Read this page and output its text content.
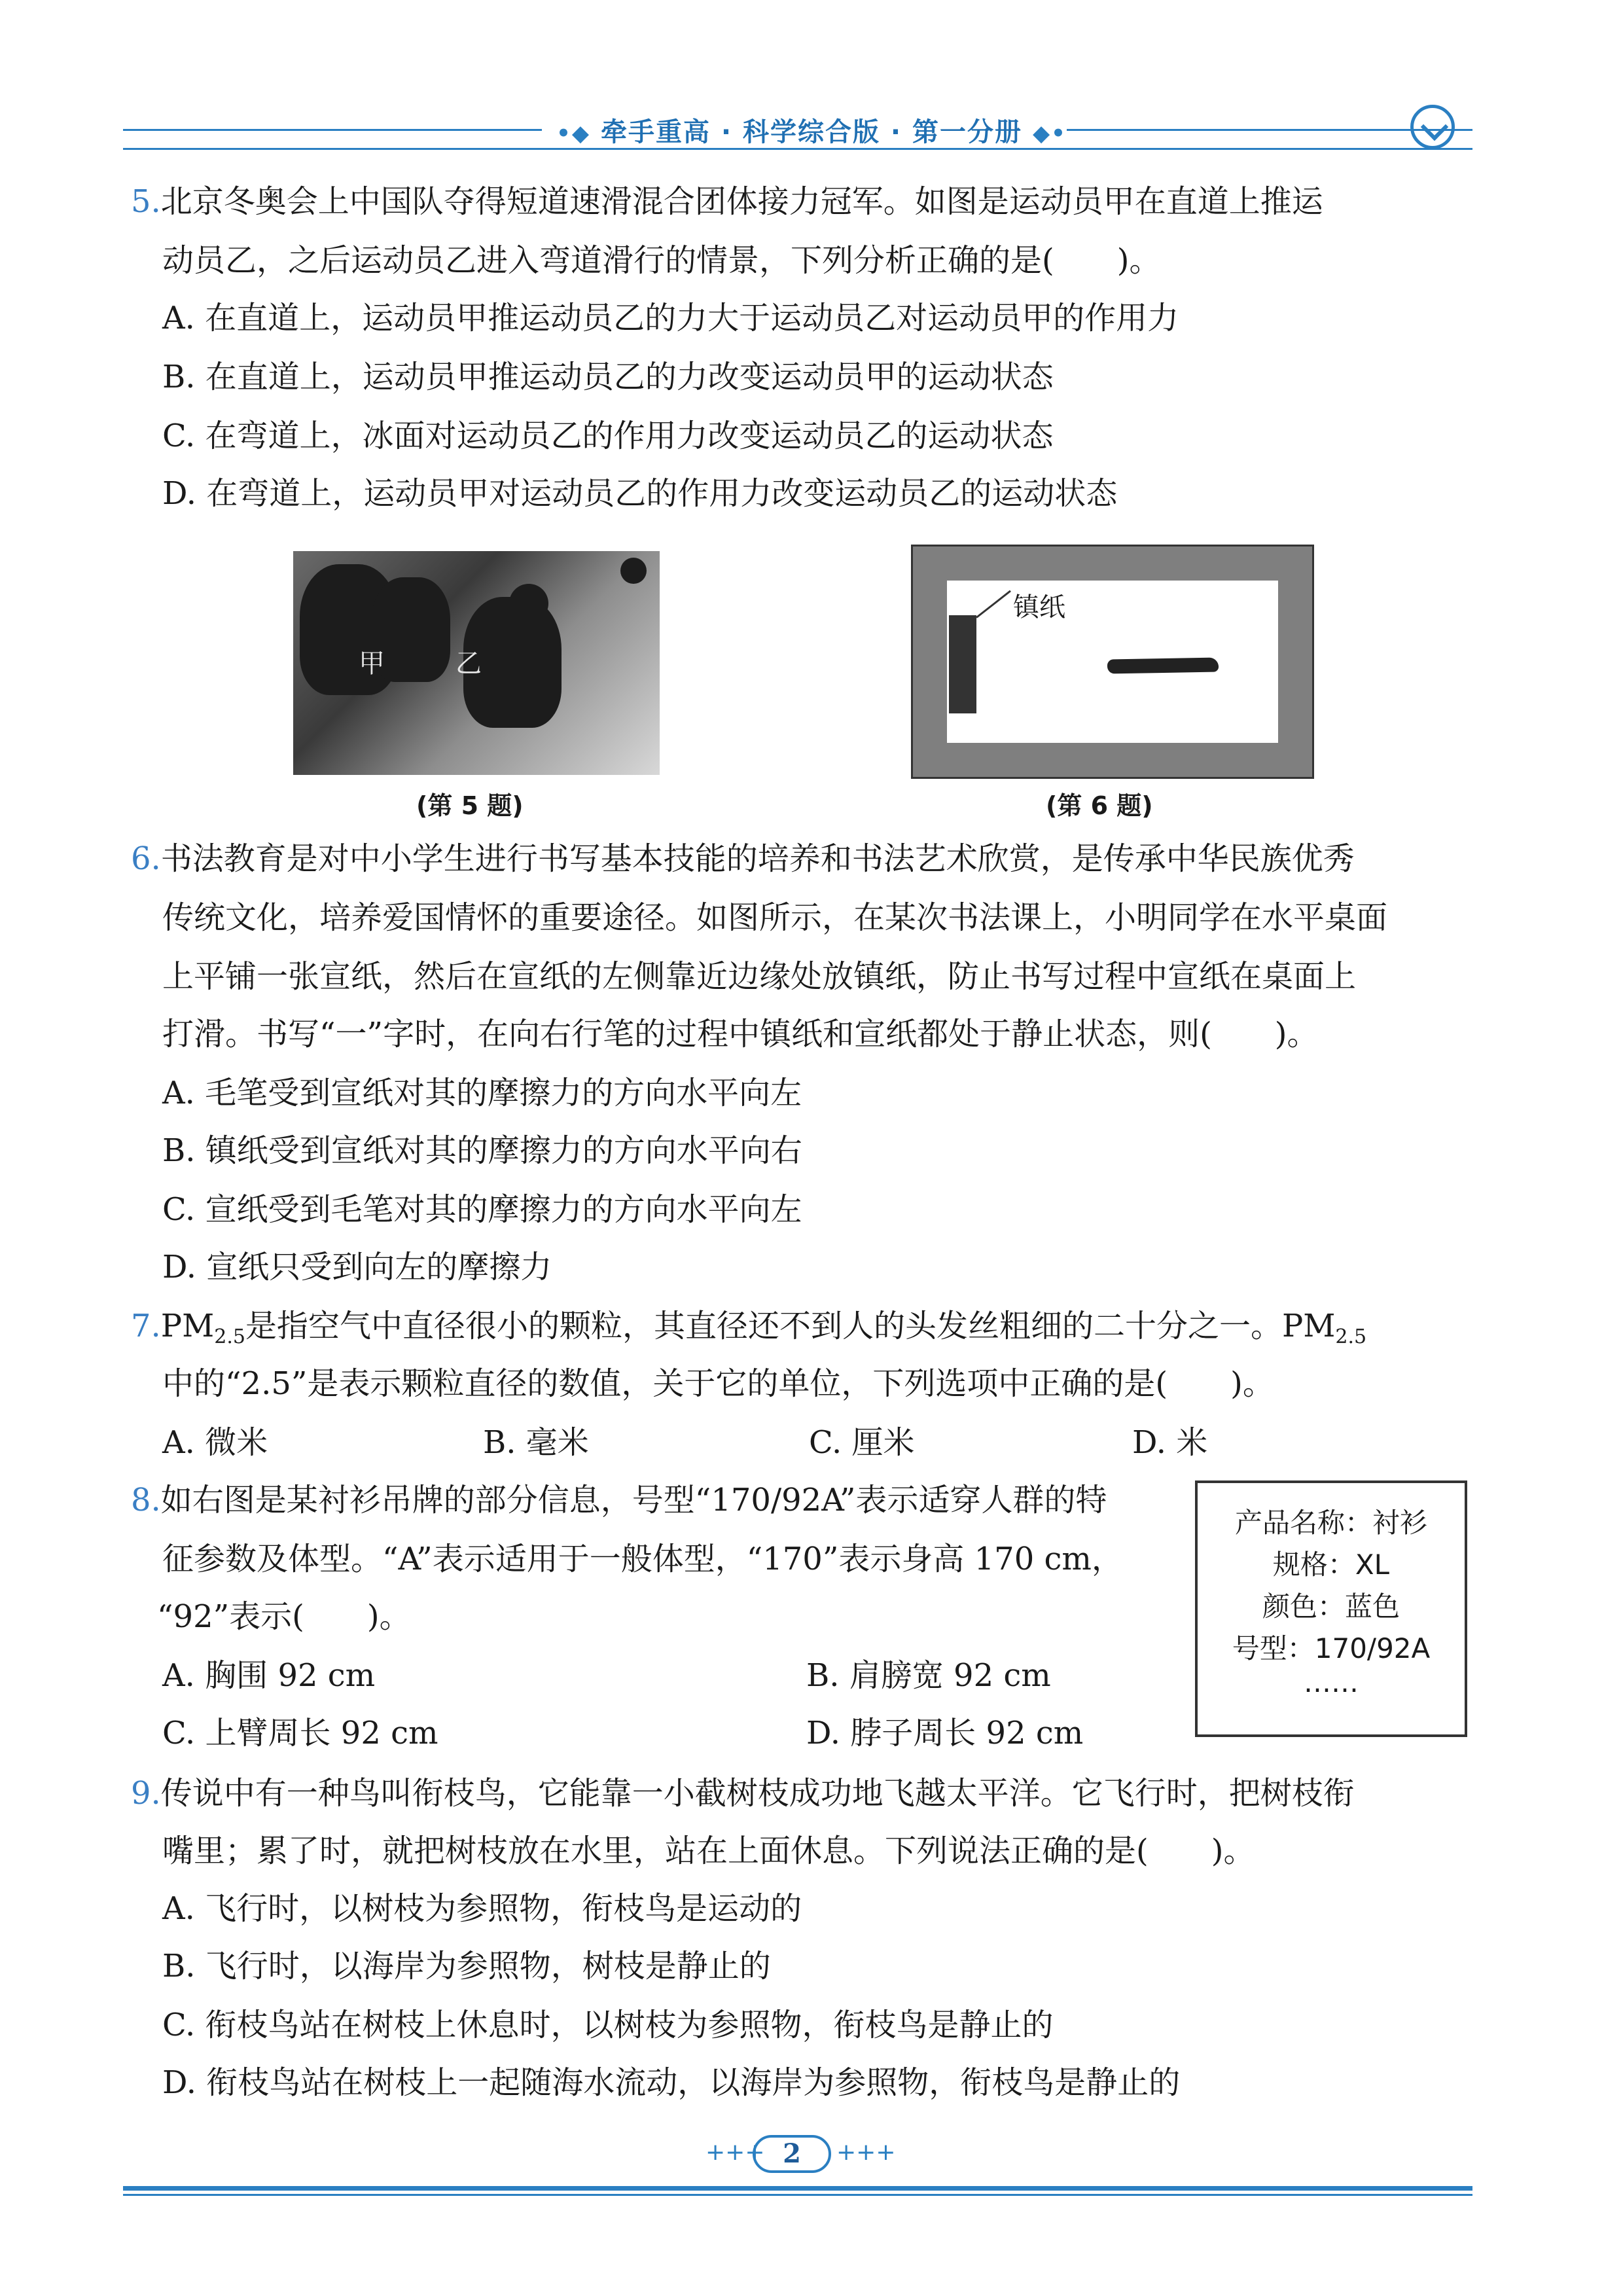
•◆ 牵手重高 · 科学综合版 · 第一分册 ◆•
5.北京冬奥会上中国队夺得短道速滑混合团体接力冠军。如图是运动员甲在直道上推运
动员乙，之后运动员乙进入弯道滑行的情景，下列分析正确的是(　　)。
A. 在直道上，运动员甲推运动员乙的力大于运动员乙对运动员甲的作用力
B. 在直道上，运动员甲推运动员乙的力改变运动员甲的运动状态
C. 在弯道上，冰面对运动员乙的作用力改变运动员乙的运动状态
D. 在弯道上，运动员甲对运动员乙的作用力改变运动员乙的运动状态
甲	乙
(第 5 题)
镇纸
(第 6 题)
6.书法教育是对中小学生进行书写基本技能的培养和书法艺术欣赏，是传承中华民族优秀
传统文化，培养爱国情怀的重要途径。如图所示，在某次书法课上，小明同学在水平桌面
上平铺一张宣纸，然后在宣纸的左侧靠近边缘处放镇纸，防止书写过程中宣纸在桌面上
打滑。书写“一”字时，在向右行笔的过程中镇纸和宣纸都处于静止状态，则(　　)。
A. 毛笔受到宣纸对其的摩擦力的方向水平向左
B. 镇纸受到宣纸对其的摩擦力的方向水平向右
C. 宣纸受到毛笔对其的摩擦力的方向水平向左
D. 宣纸只受到向左的摩擦力
$7.PM_{2.5}$是指空气中直径很小的颗粒，其直径还不到人的头发丝粗细的二十分之一。$PM_{2.5}$
中的“2.5”是表示颗粒直径的数值，关于它的单位，下列选项中正确的是(　　)。
A. 微米	B. 毫米	C. 厘米	D. 米
8.如右图是某衬衫吊牌的部分信息，号型“170/92A”表示适穿人群的特
征参数及体型。“A”表示适用于一般体型，“170”表示身高 170 cm，
“92”表示(　　)。
A. 胸围 92 cm	B. 肩膀宽 92 cm
C. 上臂周长 92 cm	D. 脖子周长 92 cm
产品名称：衬衫
规格：XL
颜色：蓝色
号型：170/92A
……
9.传说中有一种鸟叫衔枝鸟，它能靠一小截树枝成功地飞越太平洋。它飞行时，把树枝衔
嘴里；累了时，就把树枝放在水里，站在上面休息。下列说法正确的是(　　)。
A. 飞行时，以树枝为参照物，衔枝鸟是运动的
B. 飞行时，以海岸为参照物，树枝是静止的
C. 衔枝鸟站在树枝上休息时，以树枝为参照物，衔枝鸟是静止的
D. 衔枝鸟站在树枝上一起随海水流动，以海岸为参照物，衔枝鸟是静止的
+++ 2	+++
